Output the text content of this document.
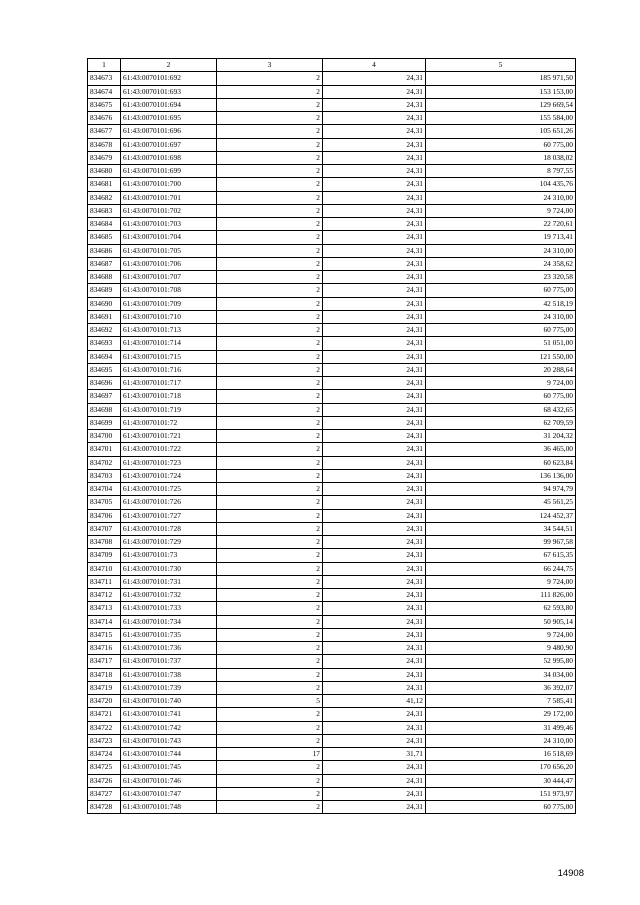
1	2	3	4	5
834673	61:43:0070101:692	2	24,31	185 971,50
834674	61:43:0070101:693	2	24,31	153 153,00
834675	61:43:0070101:694	2	24,31	129 669,54
834676	61:43:0070101:695	2	24,31	155 584,00
834677	61:43:0070101:696	2	24,31	105 651,26
834678	61:43:0070101:697	2	24,31	60 775,00
834679	61:43:0070101:698	2	24,31	18 038,02
834680	61:43:0070101:699	2	24,31	8 797,55
834681	61:43:0070101:700	2	24,31	104 435,76
834682	61:43:0070101:701	2	24,31	24 310,00
834683	61:43:0070101:702	2	24,31	9 724,00
834684	61:43:0070101:703	2	24,31	22 720,61
834685	61:43:0070101:704	2	24,31	19 713,41
834686	61:43:0070101:705	2	24,31	24 310,00
834687	61:43:0070101:706	2	24,31	24 358,62
834688	61:43:0070101:707	2	24,31	23 320,58
834689	61:43:0070101:708	2	24,31	60 775,00
834690	61:43:0070101:709	2	24,31	42 518,19
834691	61:43:0070101:710	2	24,31	24 310,00
834692	61:43:0070101:713	2	24,31	60 775,00
834693	61:43:0070101:714	2	24,31	51 051,00
834694	61:43:0070101:715	2	24,31	121 550,00
834695	61:43:0070101:716	2	24,31	20 288,64
834696	61:43:0070101:717	2	24,31	9 724,00
834697	61:43:0070101:718	2	24,31	60 775,00
834698	61:43:0070101:719	2	24,31	68 432,65
834699	61:43:0070101:72	2	24,31	62 709,59
834700	61:43:0070101:721	2	24,31	31 204,32
834701	61:43:0070101:722	2	24,31	36 465,00
834702	61:43:0070101:723	2	24,31	60 623,84
834703	61:43:0070101:724	2	24,31	136 136,00
834704	61:43:0070101:725	2	24,31	94 974,79
834705	61:43:0070101:726	2	24,31	45 561,25
834706	61:43:0070101:727	2	24,31	124 452,37
834707	61:43:0070101:728	2	24,31	34 544,51
834708	61:43:0070101:729	2	24,31	99 967,58
834709	61:43:0070101:73	2	24,31	67 615,35
834710	61:43:0070101:730	2	24,31	66 244,75
834711	61:43:0070101:731	2	24,31	9 724,00
834712	61:43:0070101:732	2	24,31	111 826,00
834713	61:43:0070101:733	2	24,31	62 593,80
834714	61:43:0070101:734	2	24,31	50 905,14
834715	61:43:0070101:735	2	24,31	9 724,00
834716	61:43:0070101:736	2	24,31	9 480,90
834717	61:43:0070101:737	2	24,31	52 995,80
834718	61:43:0070101:738	2	24,31	34 034,00
834719	61:43:0070101:739	2	24,31	36 392,07
834720	61:43:0070101:740	5	41,12	7 585,41
834721	61:43:0070101:741	2	24,31	29 172,00
834722	61:43:0070101:742	2	24,31	31 499,46
834723	61:43:0070101:743	2	24,31	24 310,00
834724	61:43:0070101:744	17	31,71	16 518,69
834725	61:43:0070101:745	2	24,31	170 656,20
834726	61:43:0070101:746	2	24,31	30 444,47
834727	61:43:0070101:747	2	24,31	151 973,97
834728	61:43:0070101:748	2	24,31	60 775,00
14908
